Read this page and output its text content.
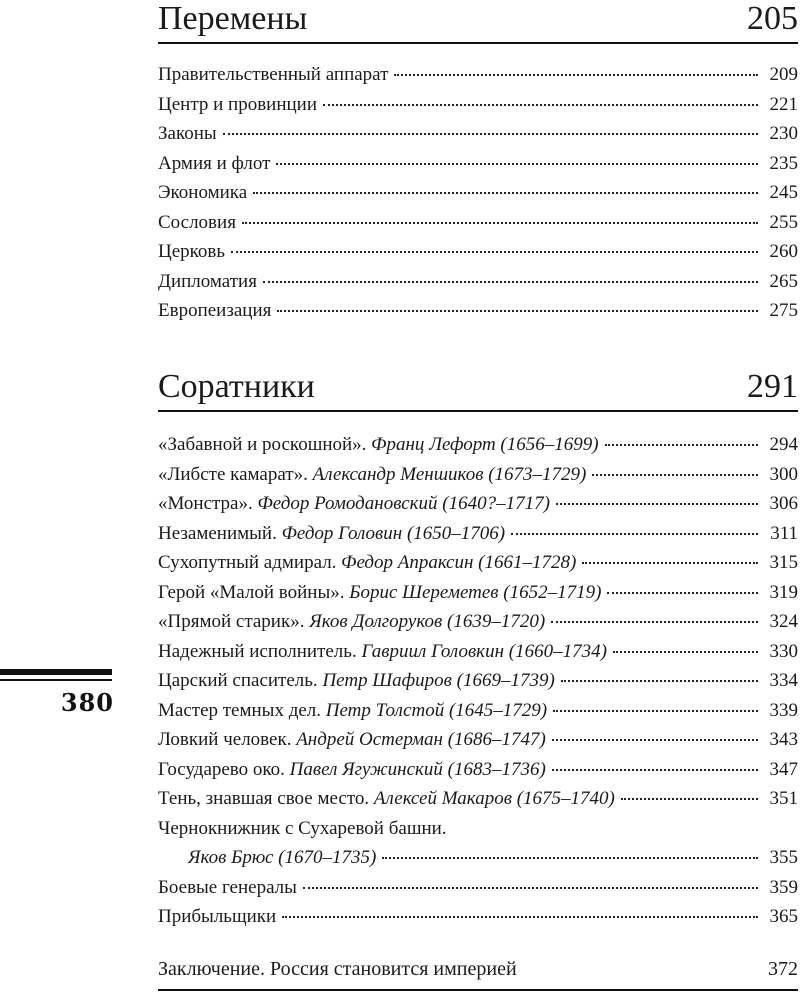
380
Перемены	205
Правительственный аппарат	209
Центр и провинции	221
Законы	230
Армия и флот	235
Экономика	245
Сословия	255
Церковь	260
Дипломатия	265
Европеизация	275
Соратники	291
«Забавной и роскошной». Франц Лефорт (1656–1699)	294
«Либсте камарат». Александр Меншиков (1673–1729)	300
«Монстра». Федор Ромодановский (1640?–1717)	306
Незаменимый. Федор Головин (1650–1706)	311
Сухопутный адмирал. Федор Апраксин (1661–1728)	315
Герой «Малой войны». Борис Шереметев (1652–1719)	319
«Прямой старик». Яков Долгоруков (1639–1720)	324
Надежный исполнитель. Гавриил Головкин (1660–1734)	330
Царский спаситель. Петр Шафиров (1669–1739)	334
Мастер темных дел. Петр Толстой (1645–1729)	339
Ловкий человек. Андрей Остерман (1686–1747)	343
Государево око. Павел Ягужинский (1683–1736)	347
Тень, знавшая свое место. Алексей Макаров (1675–1740)	351
Чернокнижник с Сухаревой башни.
Яков Брюс (1670–1735)	355
Боевые генералы	359
Прибыльщики	365
Заключение. Россия становится империей	372
